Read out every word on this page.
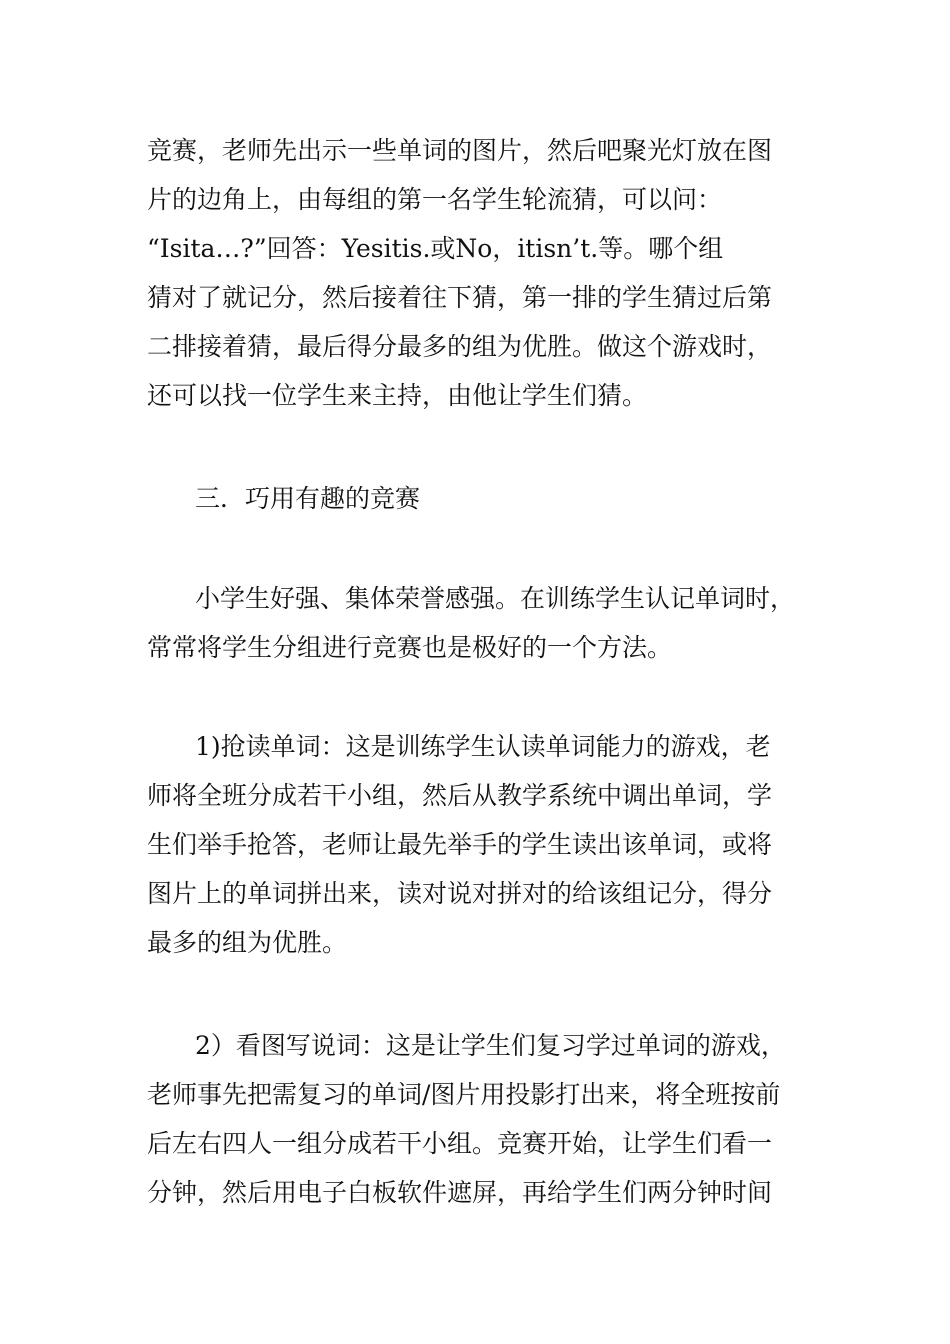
竞赛，老师先出示一些单词的图片，然后吧聚光灯放在图
片的边角上，由每组的第一名学生轮流猜，可以问：
“Isita…?”回答：Yesitis.或No，itisn’t.等。哪个组
猜对了就记分，然后接着往下猜，第一排的学生猜过后第
二排接着猜，最后得分最多的组为优胜。做这个游戏时，
还可以找一位学生来主持，由他让学生们猜。
三．巧用有趣的竞赛
小学生好强、集体荣誉感强。在训练学生认记单词时，
常常将学生分组进行竞赛也是极好的一个方法。
1)抢读单词：这是训练学生认读单词能力的游戏，老
师将全班分成若干小组，然后从教学系统中调出单词，学
生们举手抢答，老师让最先举手的学生读出该单词，或将
图片上的单词拼出来，读对说对拼对的给该组记分，得分
最多的组为优胜。
2）看图写说词：这是让学生们复习学过单词的游戏，
老师事先把需复习的单词/图片用投影打出来，将全班按前
后左右四人一组分成若干小组。竞赛开始，让学生们看一
分钟，然后用电子白板软件遮屏，再给学生们两分钟时间
